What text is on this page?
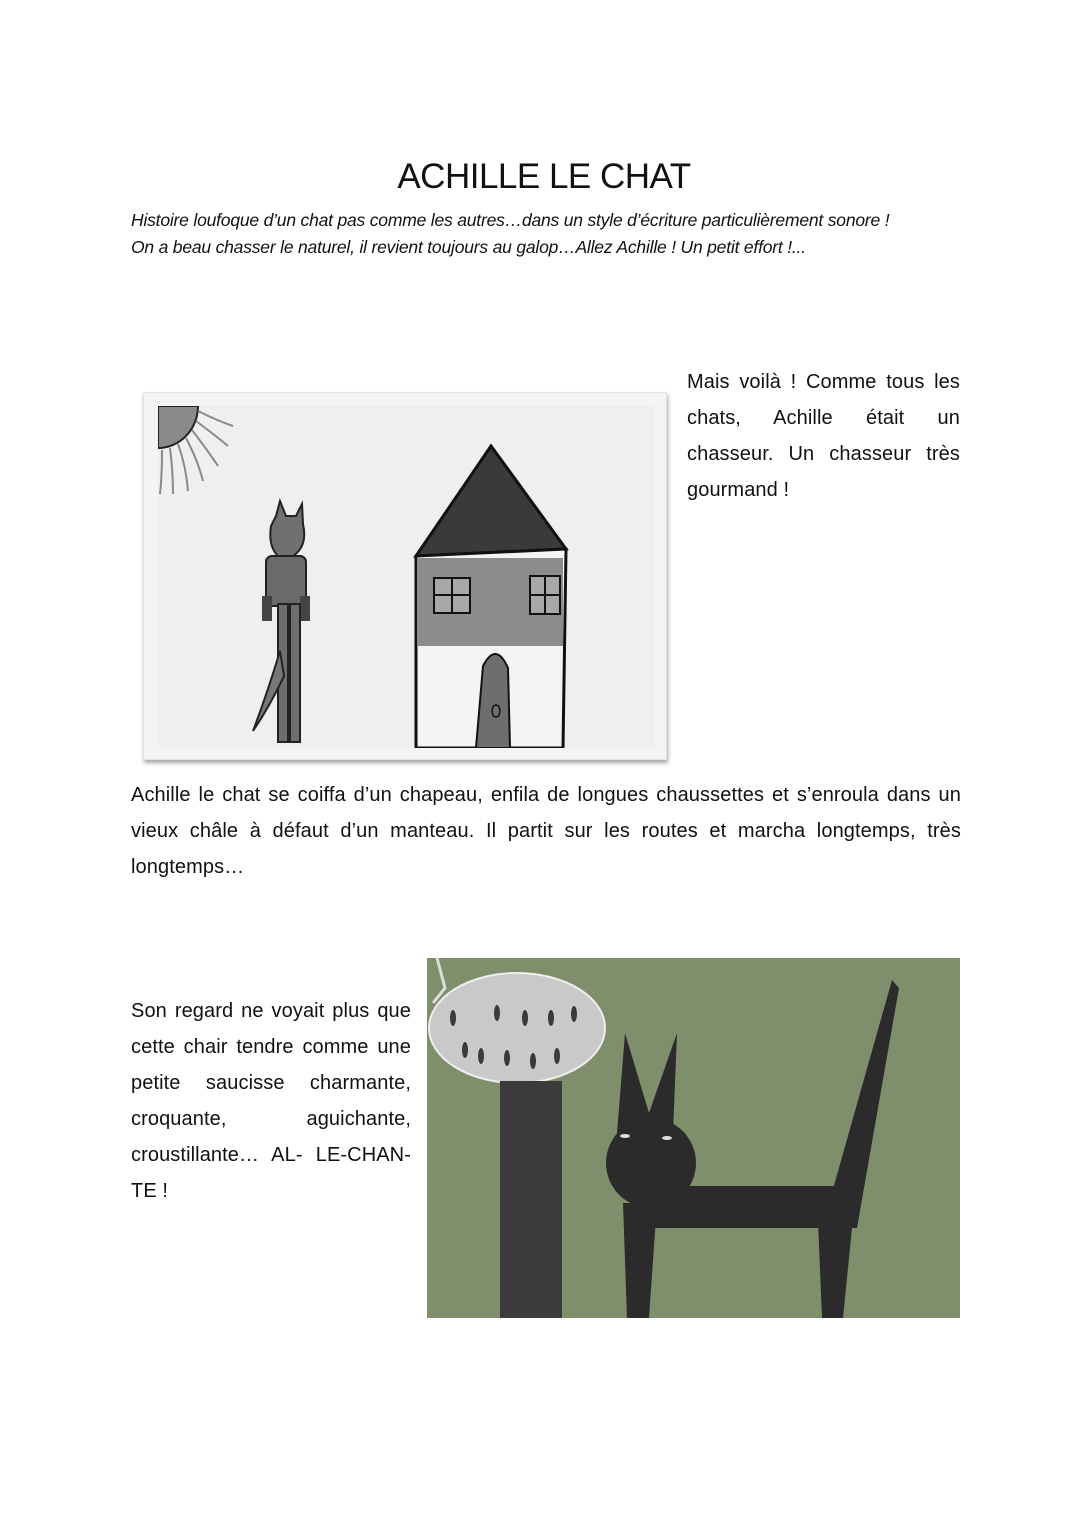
ACHILLE LE CHAT

Histoire loufoque d’un chat pas comme les autres…dans un style d’écriture particulièrement sonore !

On a beau chasser le naturel, il revient toujours au galop…Allez Achille ! Un petit effort !...

Mais voilà ! Comme tous les chats, Achille était un chasseur. Un chasseur très gourmand !

Achille le chat se coiffa d’un chapeau, enfila de longues chaussettes et s’enroula dans un vieux châle à défaut d’un manteau. Il partit sur les routes et marcha longtemps, très longtemps…

Son regard ne voyait plus que cette chair tendre comme une petite saucisse charmante, croquante, aguichante, croustillante… AL- LE-CHAN-TE !
